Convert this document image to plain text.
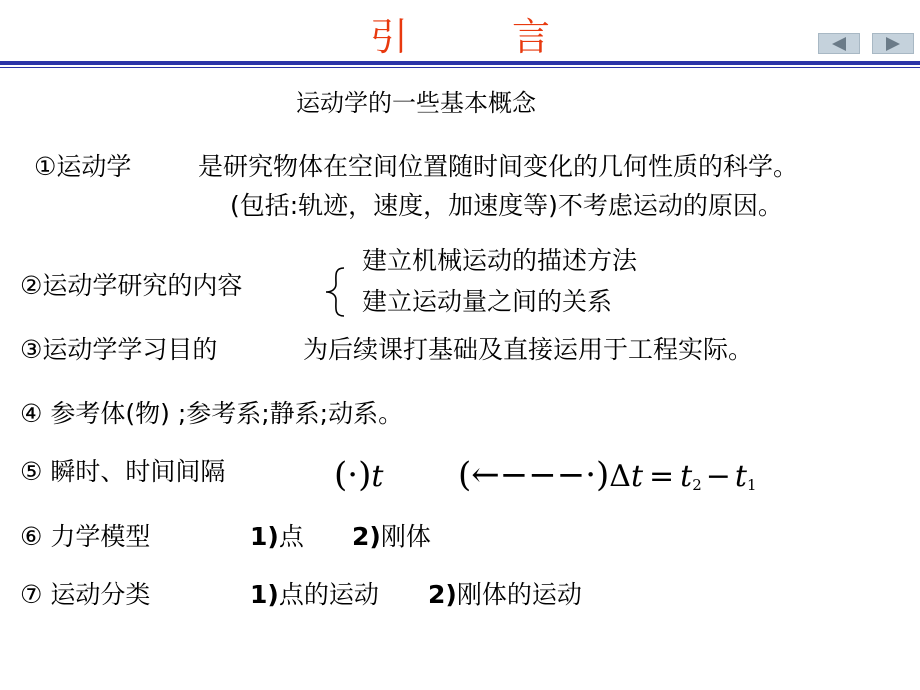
引 言
运动学的一些基本概念
①运动学	是研究物体在空间位置随时间变化的几何性质的科学。
(包括:轨迹，速度，加速度等)不考虑运动的原因。
②运动学研究的内容
建立机械运动的描述方法
建立运动量之间的关系
③运动学学习目的	为后续课打基础及直接运用于工程实际。
④ 参考体(物) ;参考系;静系;动系。
⑤ 瞬时、时间间隔	(·)t (←−−−·)Δt = $t_2 - t_1$
⑥ 力学模型	1)点 2)刚体
⑦ 运动分类	1)点的运动 2)刚体的运动
